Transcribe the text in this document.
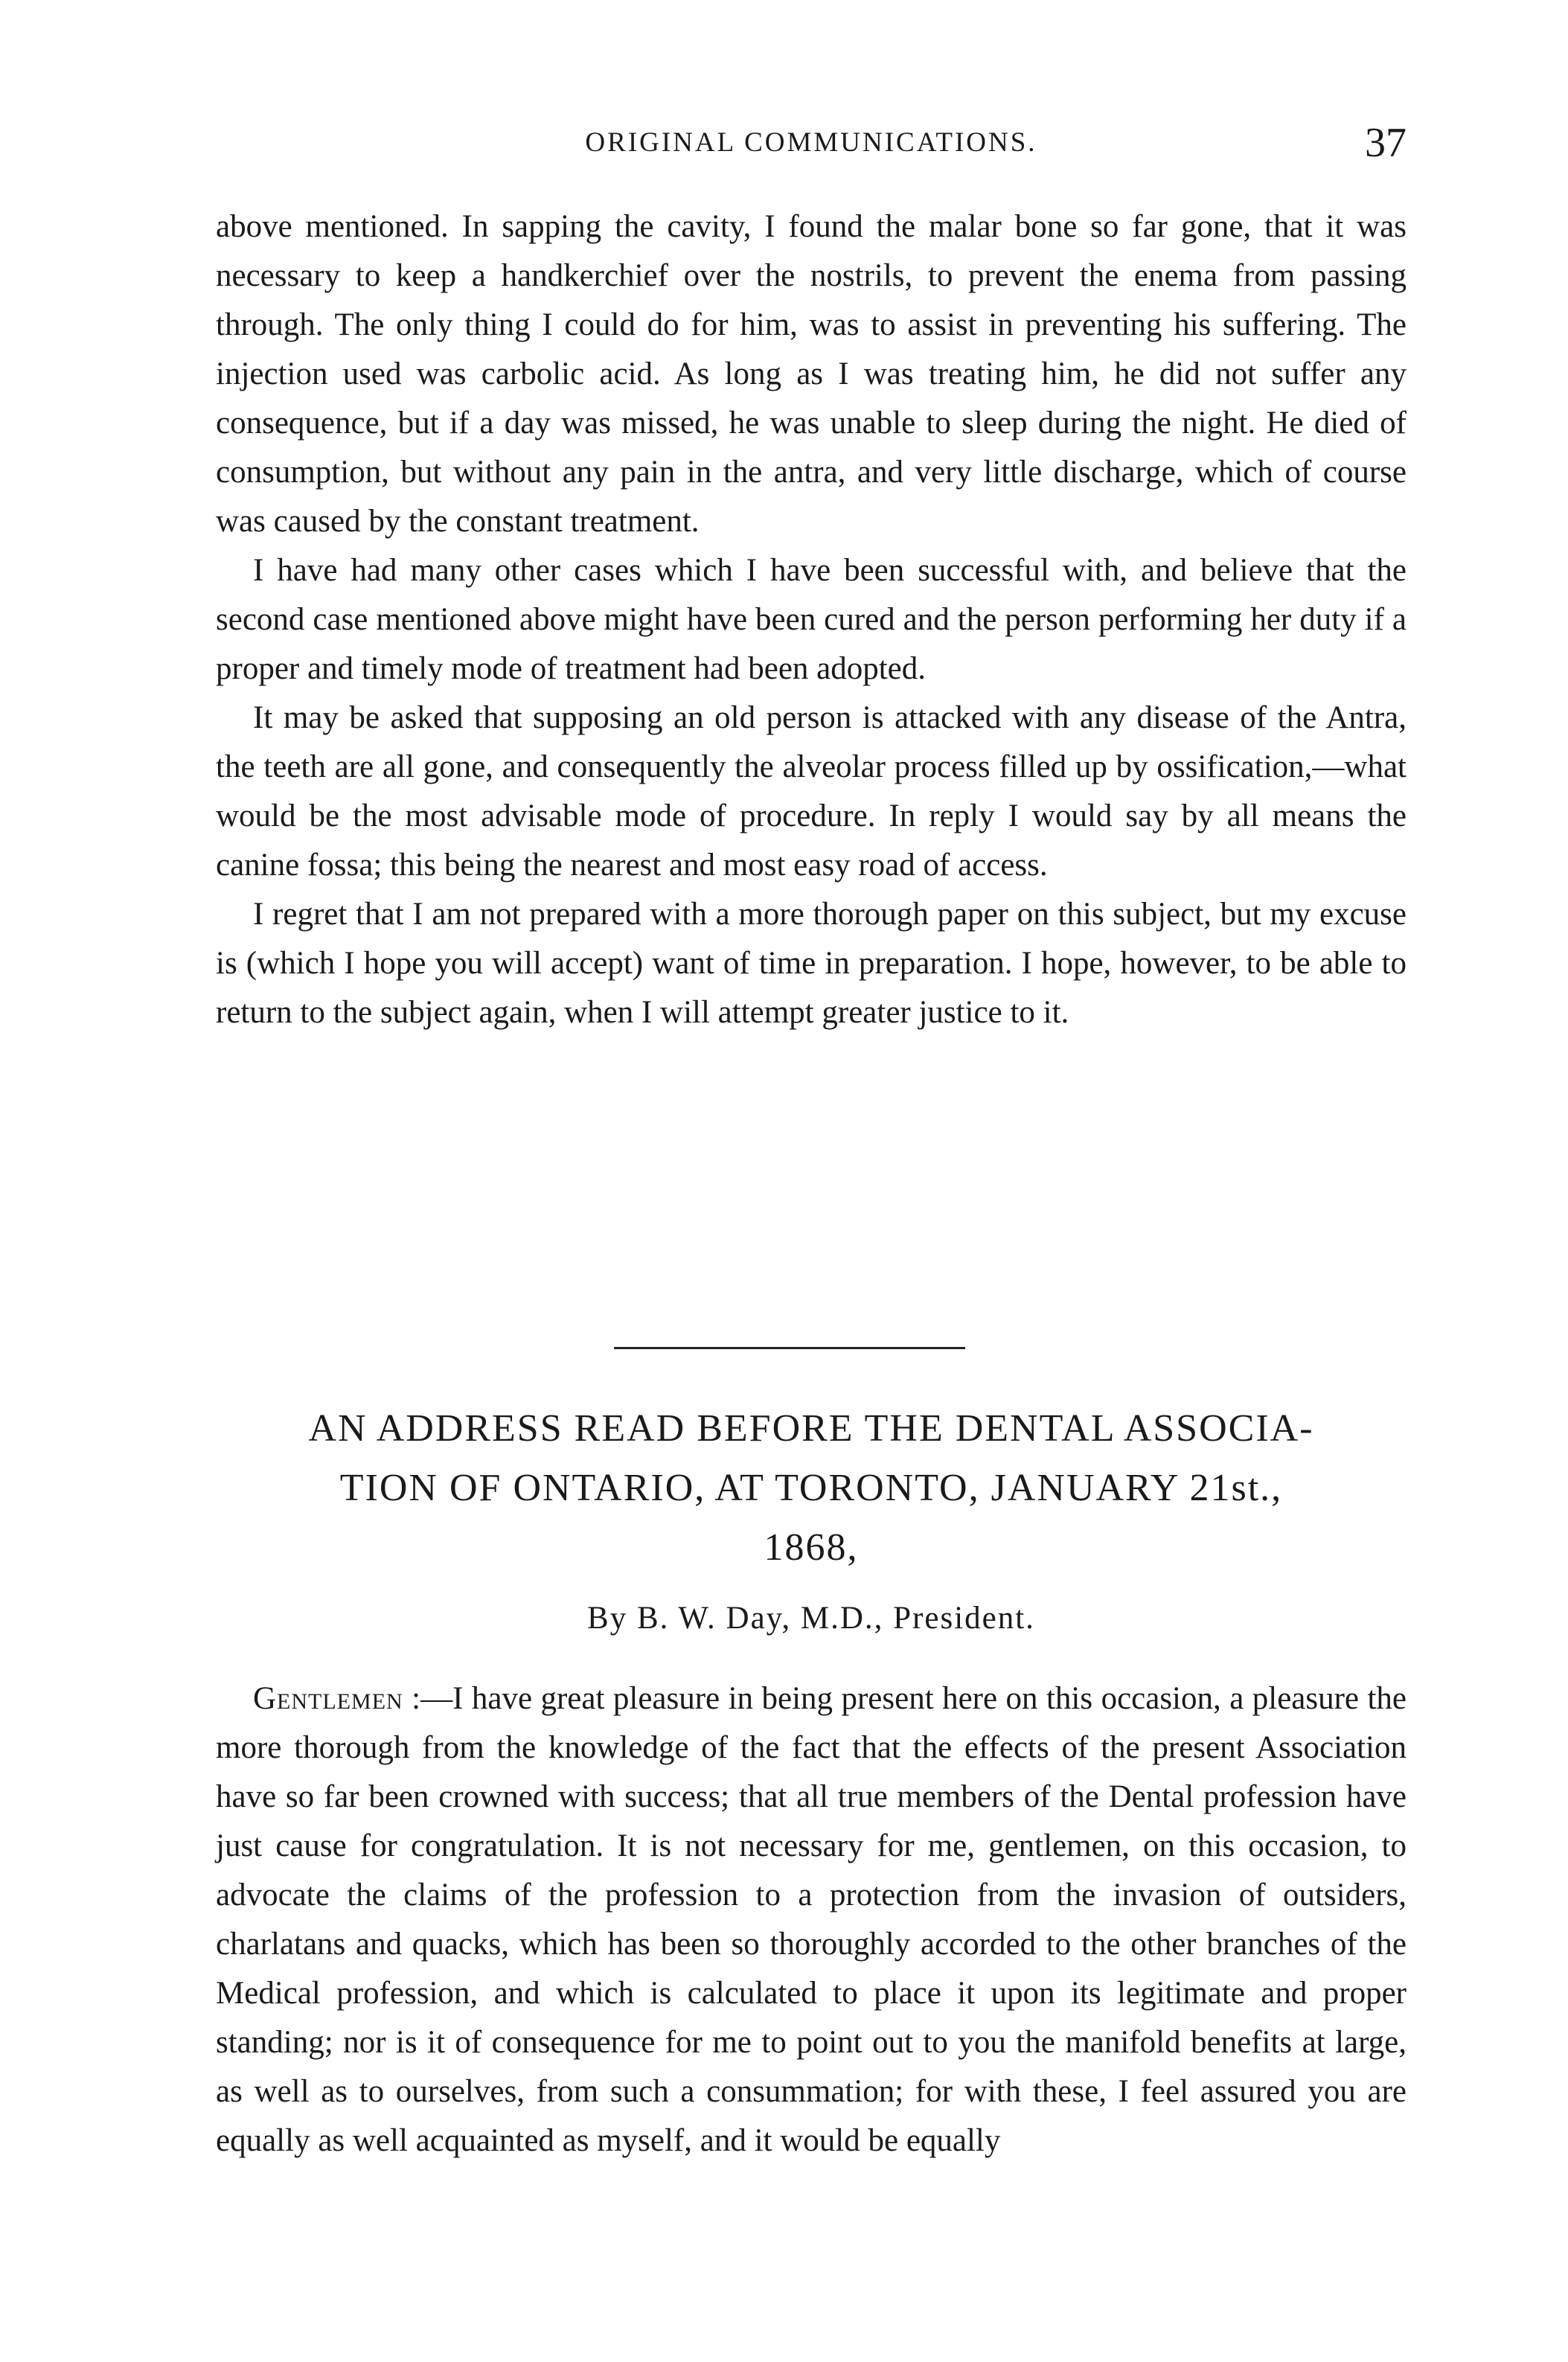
ORIGINAL COMMUNICATIONS.	37

above mentioned. In sapping the cavity, I found the malar bone so far gone, that it was necessary to keep a handkerchief over the nostrils, to prevent the enema from passing through. The only thing I could do for him, was to assist in preventing his suffering. The injection used was carbolic acid. As long as I was treating him, he did not suffer any consequence, but if a day was missed, he was unable to sleep during the night. He died of consumption, but without any pain in the antra, and very little discharge, which of course was caused by the constant treatment.

I have had many other cases which I have been successful with, and believe that the second case mentioned above might have been cured and the person performing her duty if a proper and timely mode of treatment had been adopted.

It may be asked that supposing an old person is attacked with any disease of the Antra, the teeth are all gone, and consequently the alveolar process filled up by ossification,—what would be the most advisable mode of procedure. In reply I would say by all means the canine fossa; this being the nearest and most easy road of access.

I regret that I am not prepared with a more thorough paper on this subject, but my excuse is (which I hope you will accept) want of time in preparation. I hope, however, to be able to return to the subject again, when I will attempt greater justice to it.

AN ADDRESS READ BEFORE THE DENTAL ASSOCIA-
TION OF ONTARIO, AT TORONTO, JANUARY 21st.,
1868,
By B. W. Day, M.D., President.

Gentlemen :—I have great pleasure in being present here on this occasion, a pleasure the more thorough from the knowledge of the fact that the effects of the present Association have so far been crowned with success; that all true members of the Dental profession have just cause for congratulation. It is not necessary for me, gentlemen, on this occasion, to advocate the claims of the profession to a protection from the invasion of outsiders, charlatans and quacks, which has been so thoroughly accorded to the other branches of the Medical profession, and which is calculated to place it upon its legitimate and proper standing; nor is it of consequence for me to point out to you the manifold benefits at large, as well as to ourselves, from such a consummation; for with these, I feel assured you are equally as well acquainted as myself, and it would be equally
